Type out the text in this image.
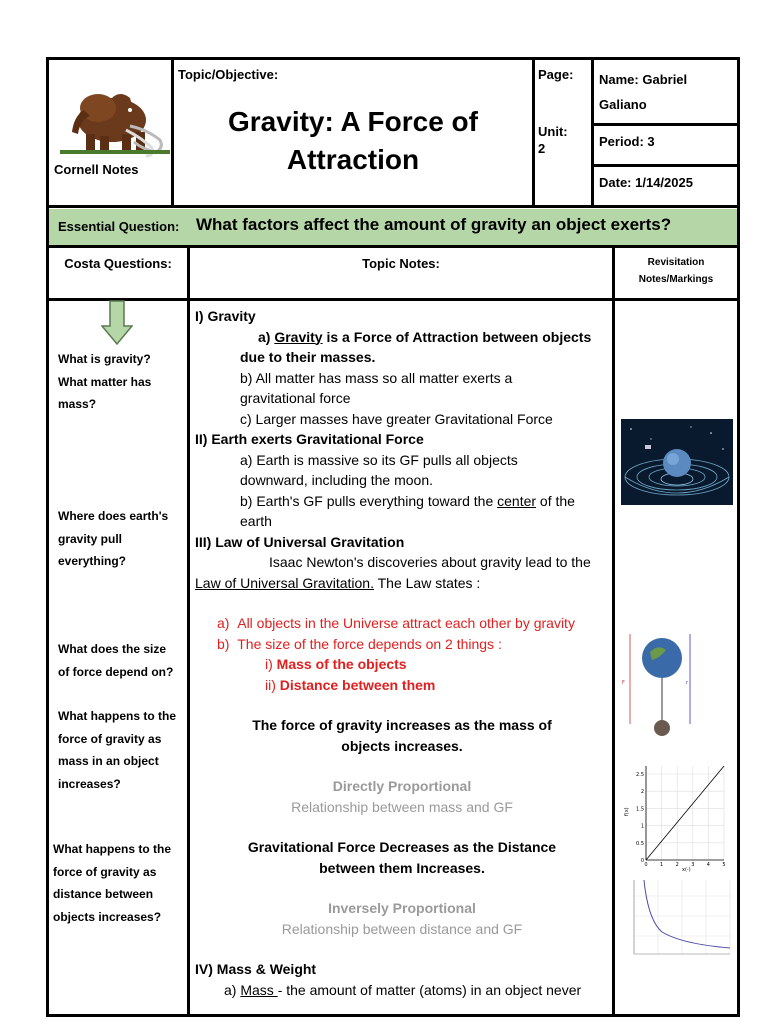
Cornell Notes
Topic/Objective:
Gravity: A Force of
Attraction
Page:
Unit:
2
Name: Gabriel
Galiano
Period: 3
Date: 1/14/2025
Essential Question: What factors affect the amount of gravity an object exerts?
Costa Questions:	Topic Notes:	Revisitation
Notes/Markings
What is gravity?
What matter has
mass?
Where does earth's
gravity pull
everything?
What does the size
of force depend on?
What happens to the
force of gravity as
mass in an object
increases?
What happens to the
force of gravity as
distance between
objects increases?
I) Gravity
a) Gravity is a Force of Attraction between objects
due to their masses.
b) All matter has mass so all matter exerts a
gravitational force
c) Larger masses have greater Gravitational Force
II) Earth exerts Gravitational Force
a) Earth is massive so its GF pulls all objects
downward, including the moon.
b) Earth's GF pulls everything toward the center of the
earth
III) Law of Universal Gravitation
Isaac Newton's discoveries about gravity lead to the
Law of Universal Gravitation. The Law states :
a)  All objects in the Universe attract each other by gravity
b)  The size of the force depends on 2 things :
i) Mass of the objects
ii) Distance between them
The force of gravity increases as the mass of
objects increases.
Directly Proportional
Relationship between mass and GF
Gravitational Force Decreases as the Distance
between them Increases.
Inversely Proportional
Relationship between distance and GF
IV) Mass & Weight
a) Mass - the amount of matter (atoms) in an object never
F	r
0
0.5
1
1.5
2
2.5
0 1 2 3 4 5
f(x)
x(-)
